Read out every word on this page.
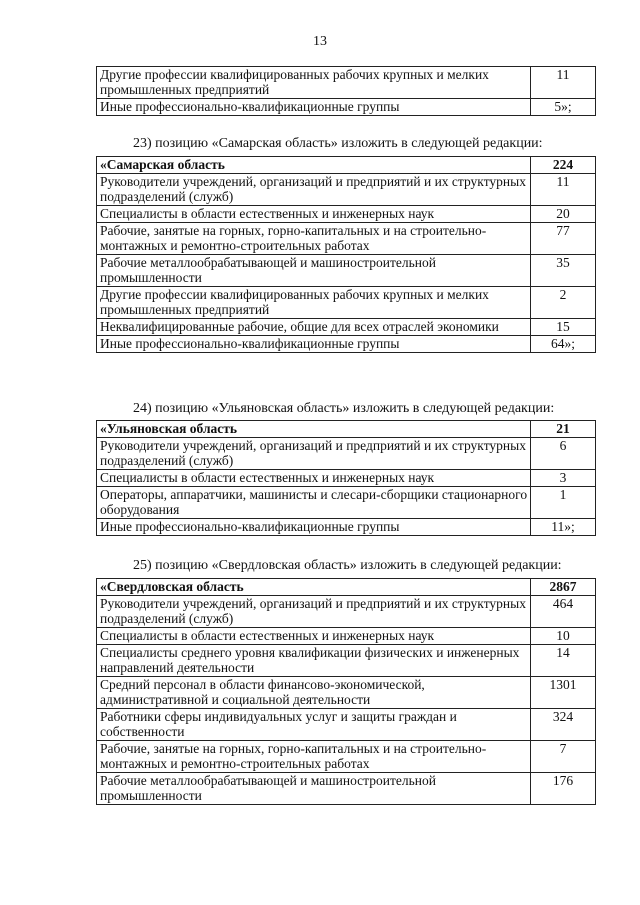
13
Другие профессии квалифицированных рабочих крупных и мелких промышленных предприятий	11
Иные профессионально-квалификационные группы	5»;
23) позицию «Самарская область» изложить в следующей редакции:
«Самарская область	224
Руководители учреждений, организаций и предприятий и их структурных подразделений (служб)	11
Специалисты в области естественных и инженерных наук	20
Рабочие, занятые на горных, горно-капитальных и на строительно-монтажных и ремонтно-строительных работах	77
Рабочие металлообрабатывающей и машиностроительной промышленности	35
Другие профессии квалифицированных рабочих крупных и мелких промышленных предприятий	2
Неквалифицированные рабочие, общие для всех отраслей экономики	15
Иные профессионально-квалификационные группы	64»;
24) позицию «Ульяновская область» изложить в следующей редакции:
«Ульяновская область	21
Руководители учреждений, организаций и предприятий и их структурных подразделений (служб)	6
Специалисты в области естественных и инженерных наук	3
Операторы, аппаратчики, машинисты и слесари-сборщики стационарного оборудования	1
Иные профессионально-квалификационные группы	11»;
25) позицию «Свердловская область» изложить в следующей редакции:
«Свердловская область	2867
Руководители учреждений, организаций и предприятий и их структурных подразделений (служб)	464
Специалисты в области естественных и инженерных наук	10
Специалисты среднего уровня квалификации физических и инженерных направлений деятельности	14
Средний персонал в области финансово-экономической, административной и социальной деятельности	1301
Работники сферы индивидуальных услуг и защиты граждан и собственности	324
Рабочие, занятые на горных, горно-капитальных и на строительно-монтажных и ремонтно-строительных работах	7
Рабочие металлообрабатывающей и машиностроительной промышленности	176
